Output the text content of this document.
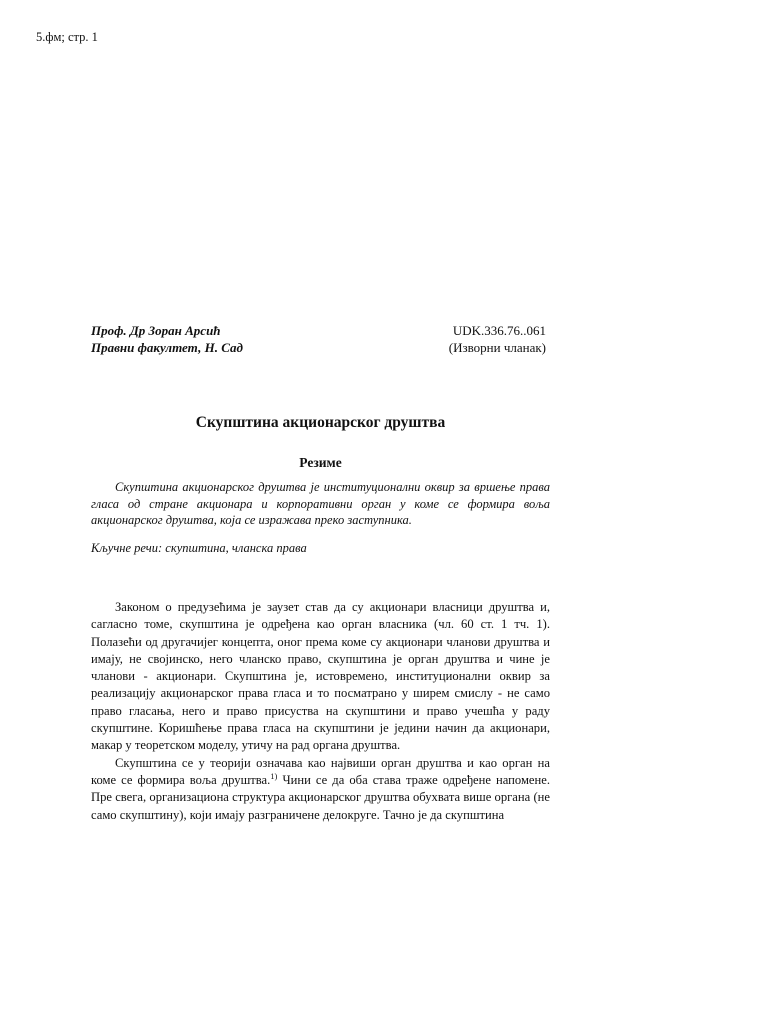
5.фм; стр. 1
Проф. Др Зоран Арсић
Правни факултет, Н. Сад
UDK.336.76..061
(Изворни чланак)
Скупштина акционарског друштва
Резиме

Скупштина акционарског друштва је институционални оквир за вршење права гласа од стране акционара и корпоративни орган у коме се формира воља акционарског друштва, која се изражава преко заступника.

Кључне речи: скупштина, чланска права

Законом о предузећима је заузет став да су акционари власници друштва и, сагласно томе, скупштина је одређена као орган власника (чл. 60 ст. 1 тч. 1). Полазећи од другачијег концепта, оног према коме су акционари чланови друштва и имају, не својинско, него чланско право, скупштина је орган друштва и чине је чланови - акционари. Скупштина је, истовремено, институционални оквир за реализацију акционарског права гласа и то посматрано у ширем смислу - не само право гласања, него и право присуства на скупштини и право учешћа у раду скупштине. Коришћење права гласа на скупштини је једини начин да акционари, макар у теоретском моделу, утичу на рад органа друштва.

Скупштина се у теорији означава као највиши орган друштва и као орган на коме се формира воља друштва.$^{1)}$ Чини се да оба става траже одређене напомене. Пре свега, организациона структура акционарског друштва обухвата више органа (не само скупштину), који имају разграничене делокруге. Тачно је да скупштина
